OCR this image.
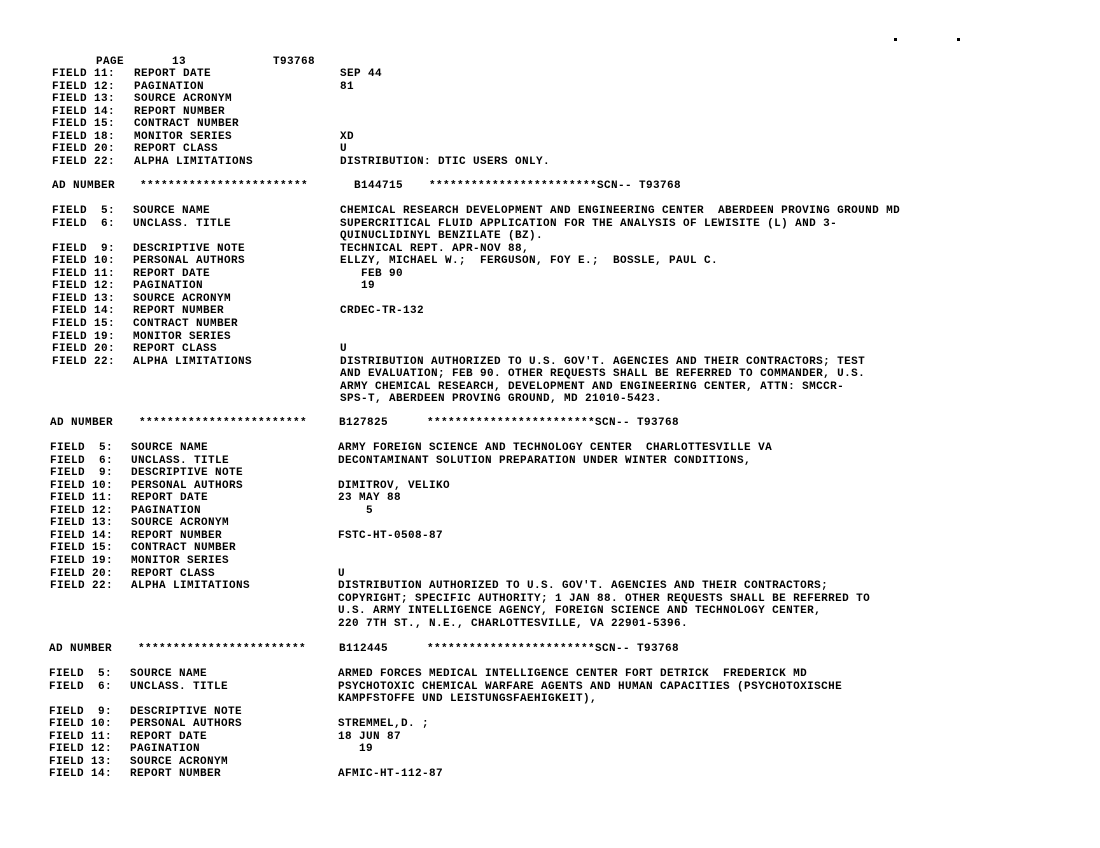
PAGE	13	T93768
FIELD 11: REPORT DATE	SEP 44
FIELD 12: PAGINATION	81
FIELD 13: SOURCE ACRONYM
FIELD 14: REPORT NUMBER
FIELD 15: CONTRACT NUMBER
FIELD 18: MONITOR SERIES	XD
FIELD 20: REPORT CLASS	U
FIELD 22: ALPHA LIMITATIONS	DISTRIBUTION: DTIC USERS ONLY.
AD NUMBER ************************	B144715 ************************SCN-- T93768
FIELD  5: SOURCE NAME	CHEMICAL RESEARCH DEVELOPMENT AND ENGINEERING CENTER  ABERDEEN PROVING GROUND MD
FIELD  6: UNCLASS. TITLE	SUPERCRITICAL FLUID APPLICATION FOR THE ANALYSIS OF LEWISITE (L) AND 3-
QUINUCLIDINYL BENZILATE (BZ).
FIELD  9: DESCRIPTIVE NOTE	TECHNICAL REPT. APR-NOV 88,
FIELD 10: PERSONAL AUTHORS	ELLZY, MICHAEL W.;  FERGUSON, FOY E.;  BOSSLE, PAUL C.
FIELD 11: REPORT DATE	FEB 90
FIELD 12: PAGINATION	19
FIELD 13: SOURCE ACRONYM
FIELD 14: REPORT NUMBER	CRDEC-TR-132
FIELD 15: CONTRACT NUMBER
FIELD 19: MONITOR SERIES
FIELD 20: REPORT CLASS	U
FIELD 22: ALPHA LIMITATIONS	DISTRIBUTION AUTHORIZED TO U.S. GOV'T. AGENCIES AND THEIR CONTRACTORS; TEST
AND EVALUATION; FEB 90. OTHER REQUESTS SHALL BE REFERRED TO COMMANDER, U.S.
ARMY CHEMICAL RESEARCH, DEVELOPMENT AND ENGINEERING CENTER, ATTN: SMCCR-
SPS-T, ABERDEEN PROVING GROUND, MD 21010-5423.
AD NUMBER ************************	B127825	************************SCN-- T93768
FIELD  5: SOURCE NAME	ARMY FOREIGN SCIENCE AND TECHNOLOGY CENTER  CHARLOTTESVILLE VA
FIELD  6: UNCLASS. TITLE	DECONTAMINANT SOLUTION PREPARATION UNDER WINTER CONDITIONS,
FIELD  9: DESCRIPTIVE NOTE
FIELD 10: PERSONAL AUTHORS	DIMITROV, VELIKO
FIELD 11: REPORT DATE	23 MAY 88
FIELD 12: PAGINATION	5
FIELD 13: SOURCE ACRONYM
FIELD 14: REPORT NUMBER	FSTC-HT-0508-87
FIELD 15: CONTRACT NUMBER
FIELD 19: MONITOR SERIES
FIELD 20: REPORT CLASS	U
FIELD 22: ALPHA LIMITATIONS	DISTRIBUTION AUTHORIZED TO U.S. GOV'T. AGENCIES AND THEIR CONTRACTORS;
COPYRIGHT; SPECIFIC AUTHORITY; 1 JAN 88. OTHER REQUESTS SHALL BE REFERRED TO
U.S. ARMY INTELLIGENCE AGENCY, FOREIGN SCIENCE AND TECHNOLOGY CENTER,
220 7TH ST., N.E., CHARLOTTESVILLE, VA 22901-5396.
AD NUMBER ************************	B112445	************************SCN-- T93768
FIELD  5: SOURCE NAME	ARMED FORCES MEDICAL INTELLIGENCE CENTER FORT DETRICK  FREDERICK MD
FIELD  6: UNCLASS. TITLE	PSYCHOTOXIC CHEMICAL WARFARE AGENTS AND HUMAN CAPACITIES (PSYCHOTOXISCHE
KAMPFSTOFFE UND LEISTUNGSFAEHIGKEIT),
FIELD  9: DESCRIPTIVE NOTE
FIELD 10: PERSONAL AUTHORS	STREMMEL,D. ;
FIELD 11: REPORT DATE	18 JUN 87
FIELD 12: PAGINATION	19
FIELD 13: SOURCE ACRONYM
FIELD 14: REPORT NUMBER	AFMIC-HT-112-87
